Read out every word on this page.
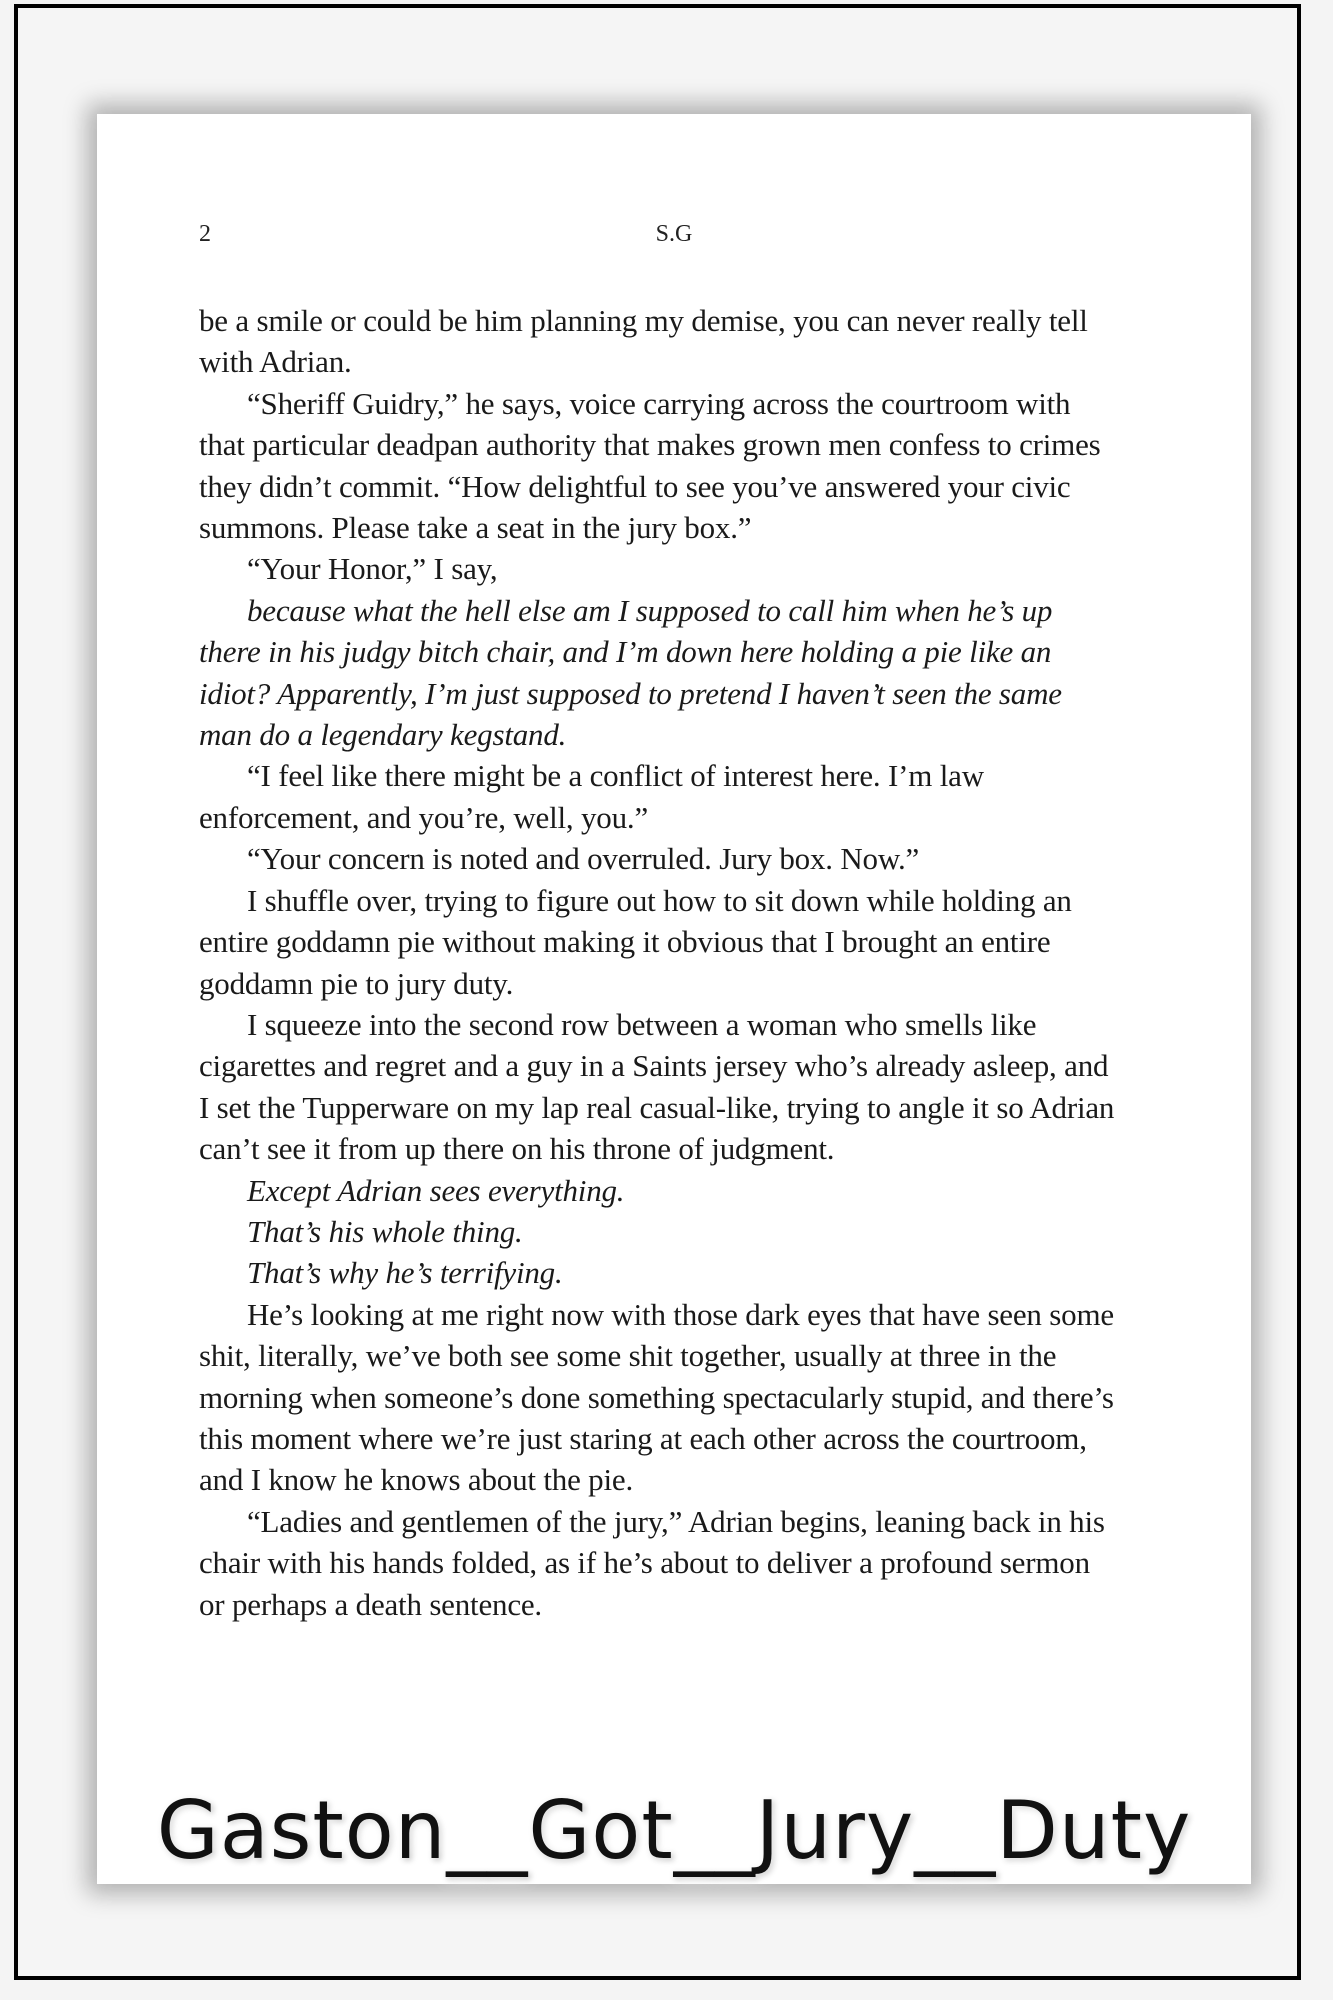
2	S.G

be a smile or could be him planning my demise, you can never really tell with Adrian.

“Sheriff Guidry,” he says, voice carrying across the courtroom with that particular deadpan authority that makes grown men confess to crimes they didn’t commit. “How delightful to see you’ve answered your civic summons. Please take a seat in the jury box.”

“Your Honor,” I say,

because what the hell else am I supposed to call him when he’s up there in his judgy bitch chair, and I’m down here holding a pie like an idiot? Apparently, I’m just supposed to pretend I haven’t seen the same man do a legendary kegstand.

“I feel like there might be a conflict of interest here. I’m law enforcement, and you’re, well, you.”

“Your concern is noted and overruled. Jury box. Now.”

I shuffle over, trying to figure out how to sit down while holding an entire goddamn pie without making it obvious that I brought an entire goddamn pie to jury duty.

I squeeze into the second row between a woman who smells like cigarettes and regret and a guy in a Saints jersey who’s already asleep, and I set the Tupperware on my lap real casual-like, trying to angle it so Adrian can’t see it from up there on his throne of judgment.

Except Adrian sees everything.

That’s his whole thing.

That’s why he’s terrifying.

He’s looking at me right now with those dark eyes that have seen some shit, literally, we’ve both see some shit together, usually at three in the morning when someone’s done something spectacularly stupid, and there’s this moment where we’re just staring at each other across the courtroom, and I know he knows about the pie.

“Ladies and gentlemen of the jury,” Adrian begins, leaning back in his chair with his hands folded, as if he’s about to deliver a profound sermon or perhaps a death sentence.

Gaston__Got__Jury__Duty
